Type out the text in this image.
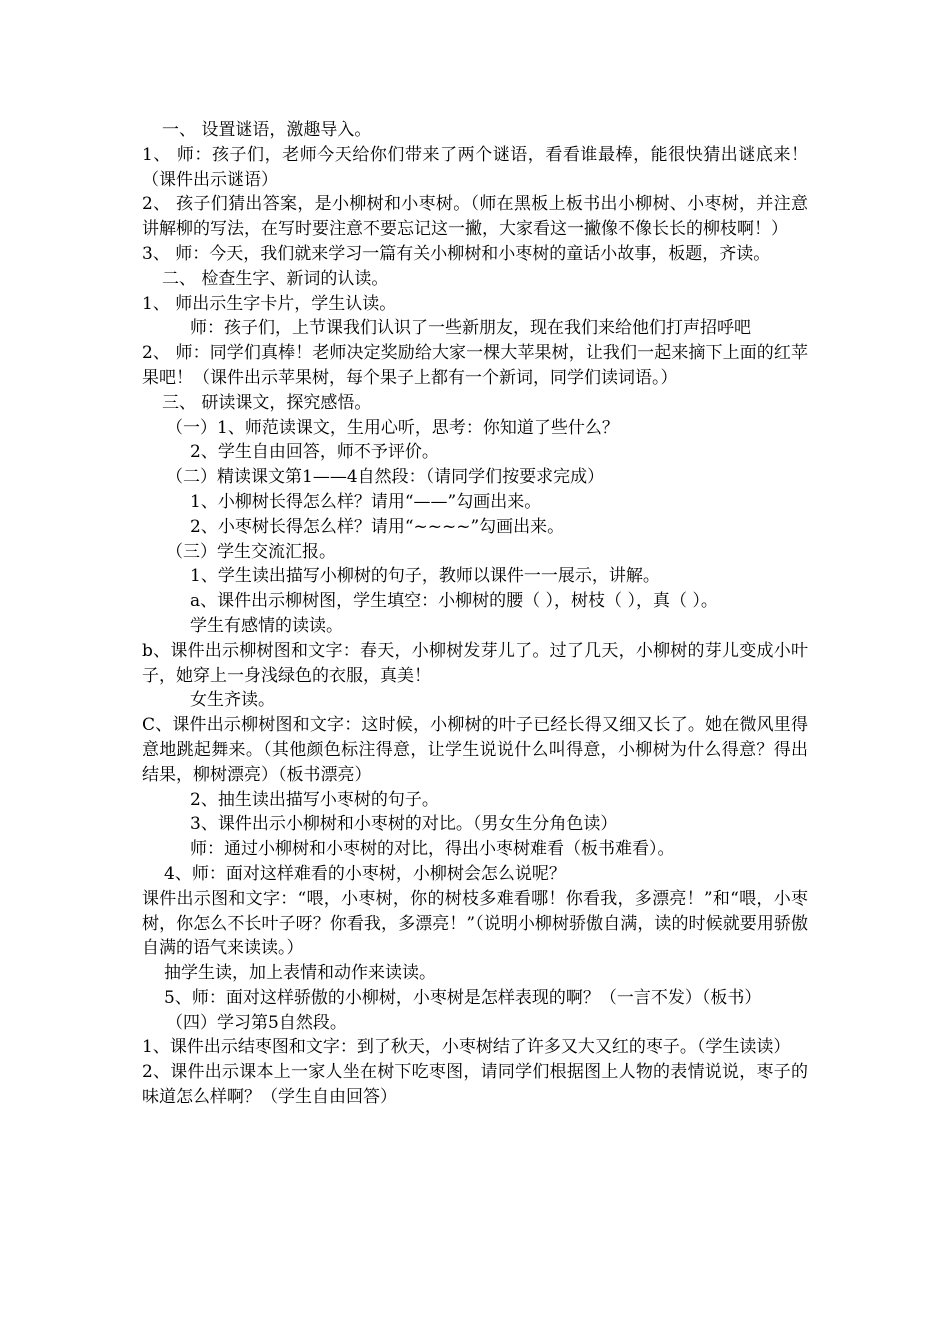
一、 设置谜语，激趣导入。

1、 师：孩子们，老师今天给你们带来了两个谜语，看看谁最棒，能很快猜出谜底来！（课件出示谜语）

2、 孩子们猜出答案，是小柳树和小枣树。（师在黑板上板书出小柳树、小枣树，并注意讲解柳的写法，在写时要注意不要忘记这一撇，大家看这一撇像不像长长的柳枝啊！）

3、 师：今天，我们就来学习一篇有关小柳树和小枣树的童话小故事，板题，齐读。

二、 检查生字、新词的认读。

1、 师出示生字卡片，学生认读。

师：孩子们，上节课我们认识了一些新朋友，现在我们来给他们打声招呼吧

2、 师：同学们真棒！老师决定奖励给大家一棵大苹果树，让我们一起来摘下上面的红苹果吧！（课件出示苹果树，每个果子上都有一个新词，同学们读词语。）

三、 研读课文，探究感悟。

（一）1、师范读课文，生用心听，思考：你知道了些什么？

2、学生自由回答，师不予评价。

（二）精读课文第1——4自然段：（请同学们按要求完成）

1、小柳树长得怎么样？请用“——”勾画出来。

2、小枣树长得怎么样？请用“~~~~”勾画出来。

（三）学生交流汇报。

1、学生读出描写小柳树的句子，教师以课件一一展示，讲解。

a、课件出示柳树图，学生填空：小柳树的腰（ ），树枝（ ），真（ ）。

学生有感情的读读。

b、课件出示柳树图和文字：春天，小柳树发芽儿了。过了几天，小柳树的芽儿变成小叶子，她穿上一身浅绿色的衣服，真美！

女生齐读。

C、课件出示柳树图和文字：这时候，小柳树的叶子已经长得又细又长了。她在微风里得意地跳起舞来。（其他颜色标注得意，让学生说说什么叫得意，小柳树为什么得意？得出结果，柳树漂亮）（板书漂亮）

2、抽生读出描写小枣树的句子。

3、课件出示小柳树和小枣树的对比。（男女生分角色读）

师：通过小柳树和小枣树的对比，得出小枣树难看（板书难看）。

4、师：面对这样难看的小枣树，小柳树会怎么说呢？

课件出示图和文字：“喂，小枣树，你的树枝多难看哪！你看我，多漂亮！”和“喂，小枣树，你怎么不长叶子呀？你看我，多漂亮！”（说明小柳树骄傲自满，读的时候就要用骄傲自满的语气来读读。）

抽学生读，加上表情和动作来读读。

5、师：面对这样骄傲的小柳树，小枣树是怎样表现的啊？（一言不发）（板书）

（四）学习第5自然段。

1、课件出示结枣图和文字：到了秋天，小枣树结了许多又大又红的枣子。（学生读读）

2、课件出示课本上一家人坐在树下吃枣图，请同学们根据图上人物的表情说说，枣子的味道怎么样啊？（学生自由回答）
